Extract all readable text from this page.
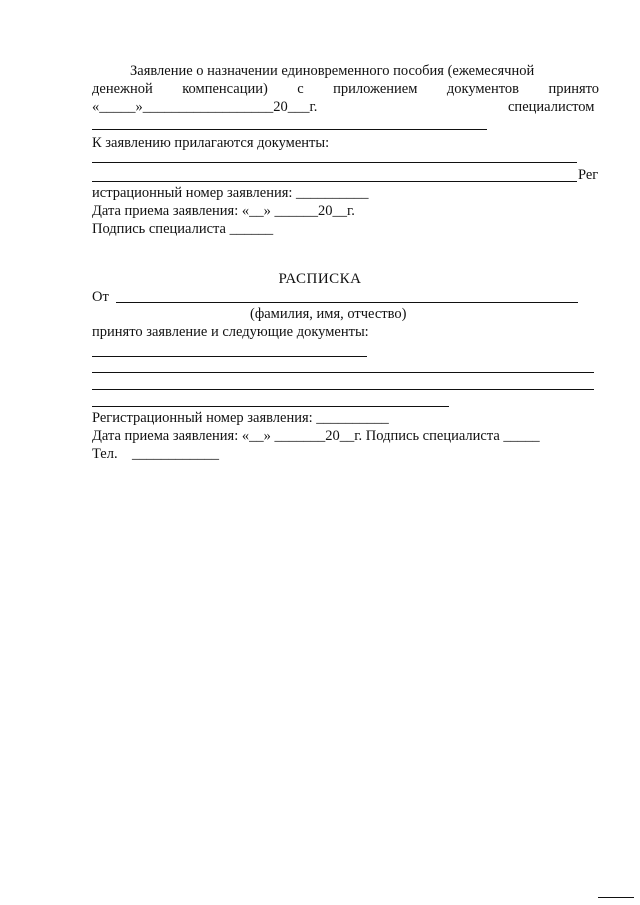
Заявление о назначении единовременного пособия (ежемесячной
денежной компенсации) с приложением документов принято
«_____»__________________20___г.	специалистом
К заявлению прилагаются документы:
Рег
истрационный номер заявления: __________
Дата приема заявления: «__» ______20__г.
Подпись специалиста ______
РАСПИСКА
От
(фамилия, имя, отчество)
принято заявление и следующие документы:
Регистрационный номер заявления: __________
Дата приема заявления: «__» _______20__г. Подпись специалиста _____
Тел. ____________
